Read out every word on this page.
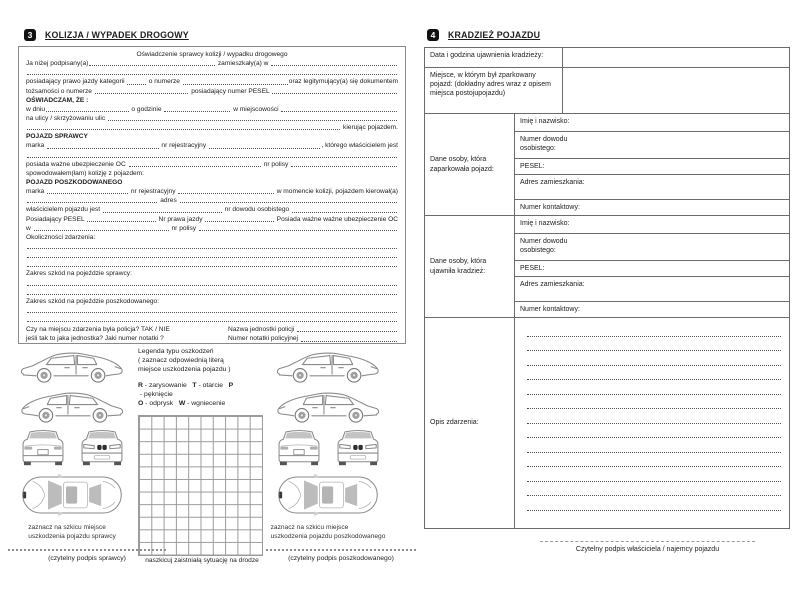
3	KOLIZJA / WYPADEK DROGOWY
Oświadczenie sprawcy kolizji / wypadku drogowego
Ja niżej podpisany(a)	zamieszkały(a) w
posiadający prawo jazdy kategorii	o numerze	oraz legitymujący(a) się dokumentem
tożsamości o numerze	posiadający numer PESEL
OŚWIADCZAM, ŻE :
w dniu	o godzinie	w miejscowości
na ulicy / skrzyżowaniu ulic
kierując pojazdem.
POJAZD SPRAWCY
marka	nr rejestracyjny	, którego właścicielem jest
posiada ważne ubezpieczenie OC	nr polisy
spowodowałem(łam) kolizję z pojazdem:
POJAZD POSZKODOWANEGO
marka	nr rejestracyjny	w momencie kolizji, pojazdem kierował(a)
adres
właścicielem pojazdu jest	nr dowodu osobistego
Posiadający PESEL	Nr prawa jazdy	Posiada ważne ważne ubezpieczenie OC
w	nr polisy
Okoliczności zdarzenia:
Zakres szkód na pojeździe sprawcy:
Zakres szkód na pojeździe poszkodowanego:
Czy na miejscu zdarzenia była policja? TAK / NIE
jeśli tak to jaka jednostka? Jaki numer notatki ?
Nazwa jednostki policji
Numer notatki policyjnej
zaznacz na szkicu miejsce
uszkodzenia pojazdu sprawcy
Legenda typu oszkodzeń
( zaznacz odpowiednią literą
miejsce uszkodzenia pojazdu )
R - zarysowanie   T - otarcie   P - pęknięcie
O - odprysk   W - wgniecenie
naszkicuj zaistniałą sytuację na drodze
zaznacz na szkicu miejsce
uszkodzenia pojazdu poszkodowanego
(czytelny podpis sprawcy)	(czytelny podpis poszkodowanego)
4	KRADZIEŻ POJAZDU
Data i godzina ujawnienia kradzieży:
Miejsce, w którym był zparkowany pojazd: (dokładny adres wraz z opisem miejsca postojupojazdu)
Dane osoby, która zaparkowała pojazd:
Imię i nazwisko:
Numer dowodu osobistego:
PESEL:
Adres zamieszkania:
Numer kontaktowy:
Dane osoby, która ujawniła kradzież:
Imię i nazwisko:
Numer dowodu osobistego:
PESEL:
Adres zamieszkania:
Numer kontaktowy:
Opis zdarzenia:
Czytelny podpis właściciela / najemcy pojazdu
